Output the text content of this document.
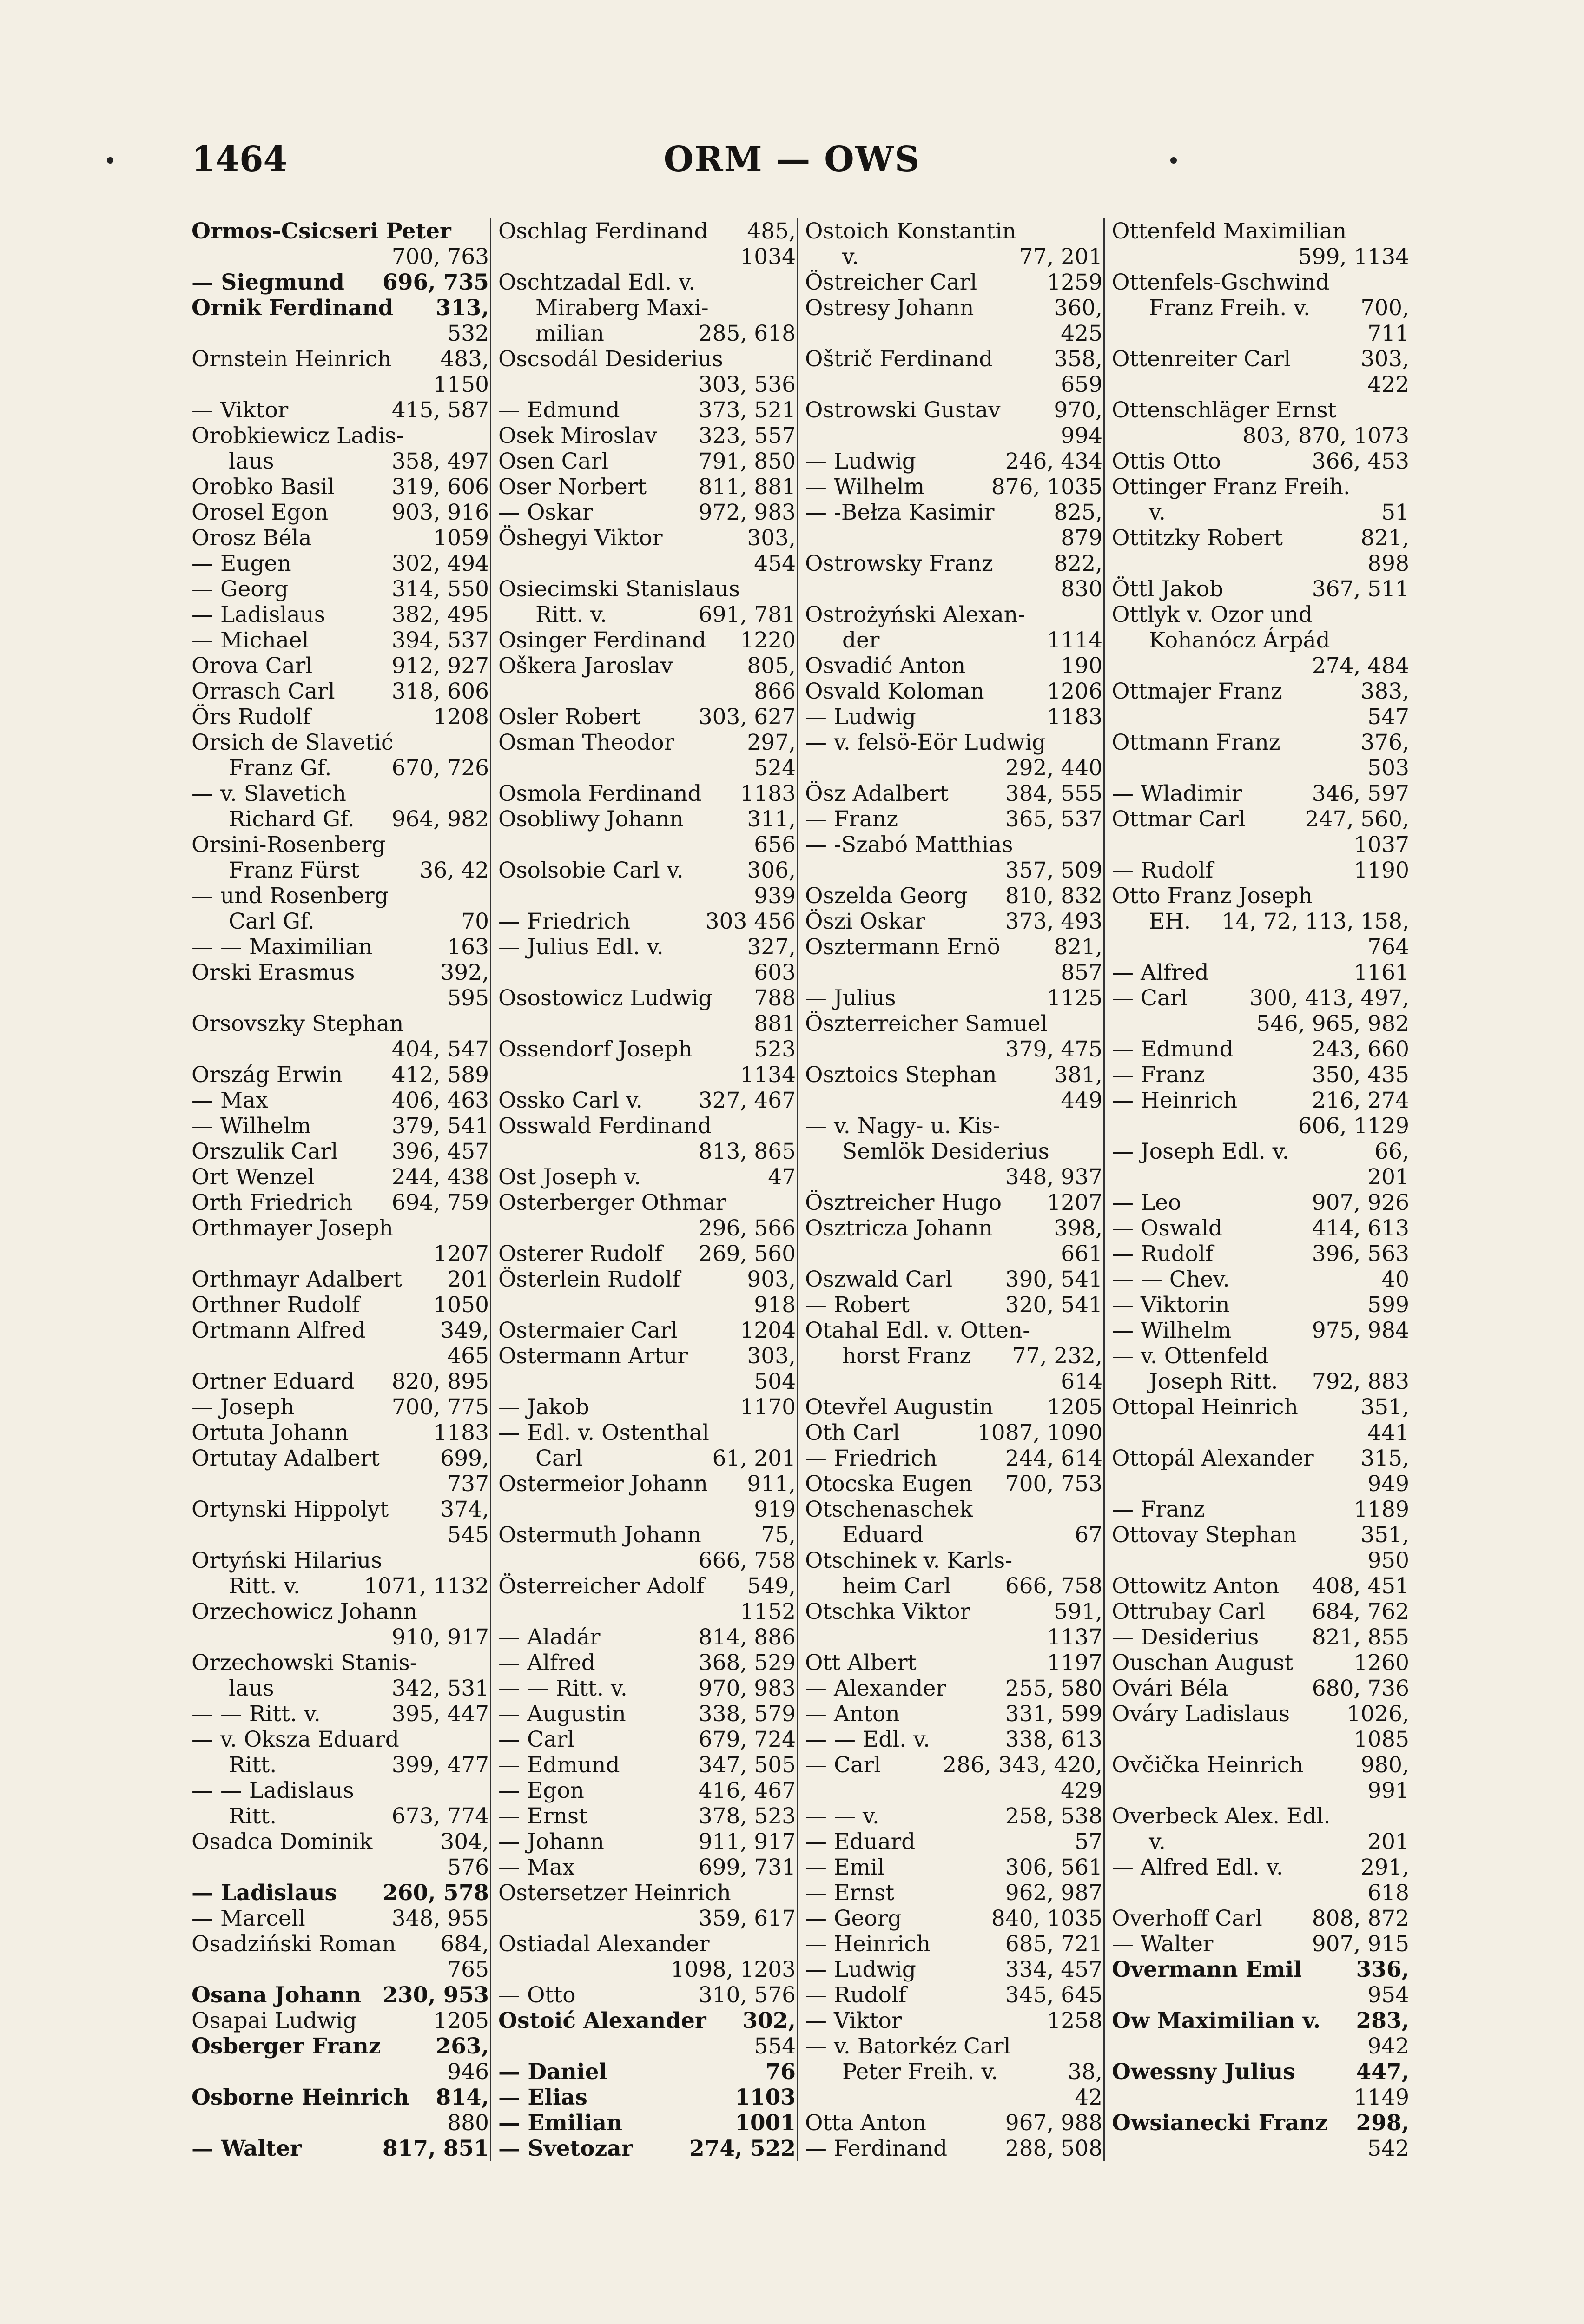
ORM — OWS
1464
Ormos-Csicseri Peter
700, 763
— Siegmund 696, 735
Ornik Ferdinand 313,
532
Ornstein Heinrich 483,
1150
— Viktor	415, 587
Orobkiewicz Ladis-
laus	358, 497
Orobko Basil	319, 606
Orosel Egon	903, 916
Orosz Béla	1059
— Eugen	302, 494
— Georg	314, 550
— Ladislaus	382, 495
— Michael	394, 537
Orova Carl	912, 927
Orrasch Carl	318, 606
Örs Rudolf	1208
Orsich de Slavetić
Franz Gf.	670, 726
— v. Slavetich
Richard Gf. 964, 982
Orsini-Rosenberg
Franz Fürst	36, 42
— und Rosenberg
Carl Gf.	70
— — Maximilian	163
Orski Erasmus	392,
595
Orsovszky Stephan
404, 547
Ország Erwin 412, 589
— Max	406, 463
— Wilhelm	379, 541
Orszulik Carl 396, 457
Ort Wenzel	244, 438
Orth Friedrich 694, 759
Orthmayer Joseph
1207
Orthmayr Adalbert 201
Orthner Rudolf	1050
Ortmann Alfred	349,
465
Ortner Eduard 820, 895
— Joseph	700, 775
Ortuta Johann	1183
Ortutay Adalbert	699,
737
Ortynski Hippolyt 374,
545
Ortyński Hilarius
Ritt. v.	1071, 1132
Orzechowicz Johann
910, 917
Orzechowski Stanis-
laus	342, 531
— — Ritt. v.	395, 447
— v. Oksza Eduard
Ritt.	399, 477
— — Ladislaus
Ritt.	673, 774
Osadca Dominik	304,
576
— Ladislaus 260, 578
— Marcell	348, 955
Osadziński Roman 684,
765
Osana Johann 230, 953
Osapai Ludwig	1205
Osberger Franz	263,
946
Osborne Heinrich 814,
880
— Walter	817, 851
Oschlag Ferdinand 485,
1034
Oschtzadal Edl. v.
Miraberg Maxi-
milian	285, 618
Oscsodál Desiderius
303, 536
— Edmund	373, 521
Osek Miroslav 323, 557
Osen Carl	791, 850
Oser Norbert 811, 881
— Oskar	972, 983
Öshegyi Viktor	303,
454
Osiecimski Stanislaus
Ritt. v.	691, 781
Osinger Ferdinand 1220
Oškera Jaroslav	805,
866
Osler Robert	303, 627
Osman Theodor	297,
524
Osmola Ferdinand 1183
Osobliwy Johann	311,
656
Osolsobie Carl v.	306,
939
— Friedrich	303 456
— Julius Edl. v.	327,
603
Osostowicz Ludwig 788
881
Ossendorf Joseph	523
1134
Ossko Carl v.	327, 467
Osswald Ferdinand
813, 865
Ost Joseph v.	47
Osterberger Othmar
296, 566
Osterer Rudolf 269, 560
Österlein Rudolf	903,
918
Ostermaier Carl	1204
Ostermann Artur	303,
504
— Jakob	1170
— Edl. v. Ostenthal
Carl	61, 201
Ostermeior Johann 911,
919
Ostermuth Johann	75,
666, 758
Österreicher Adolf 549,
1152
— Aladár	814, 886
— Alfred	368, 529
— — Ritt. v.	970, 983
— Augustin	338, 579
— Carl	679, 724
— Edmund	347, 505
— Egon	416, 467
— Ernst	378, 523
— Johann	911, 917
— Max	699, 731
Ostersetzer Heinrich
359, 617
Ostiadal Alexander
1098, 1203
— Otto	310, 576
Ostoić Alexander 302,
554
— Daniel	76
— Elias	1103
— Emilian	1001
— Svetozar	274, 522
Ostoich Konstantin
v.	77, 201
Östreicher Carl	1259
Ostresy Johann	360,
425
Oštrič Ferdinand	358,
659
Ostrowski Gustav 970,
994
— Ludwig	246, 434
— Wilhelm	876, 1035
— -Bełza Kasimir	825,
879
Ostrowsky Franz	822,
830
Ostrożyński Alexan-
der	1114
Osvadić Anton	190
Osvald Koloman	1206
— Ludwig	1183
— v. felsö-Eör Ludwig
292, 440
Ösz Adalbert	384, 555
— Franz	365, 537
— -Szabó Matthias
357, 509
Oszelda Georg 810, 832
Öszi Oskar	373, 493
Osztermann Ernö 821,
857
— Julius	1125
Öszterreicher Samuel
379, 475
Osztoics Stephan	381,
449
— v. Nagy- u. Kis-
Semlök Desiderius
348, 937
Ösztreicher Hugo 1207
Osztricza Johann	398,
661
Oszwald Carl 390, 541
— Robert	320, 541
Otahal Edl. v. Otten-
horst Franz 77, 232,
614
Otevřel Augustin 1205
Oth Carl	1087, 1090
— Friedrich	244, 614
Otocska Eugen 700, 753
Otschenaschek
Eduard	67
Otschinek v. Karls-
heim Carl 666, 758
Otschka Viktor	591,
1137
Ott Albert	1197
— Alexander	255, 580
— Anton	331, 599
— — Edl. v.	338, 613
— Carl	286, 343, 420,
429
— — v.	258, 538
— Eduard	57
— Emil	306, 561
— Ernst	962, 987
— Georg	840, 1035
— Heinrich	685, 721
— Ludwig	334, 457
— Rudolf	345, 645
— Viktor	1258
— v. Batorkéz Carl
Peter Freih. v.	38,
42
Otta Anton	967, 988
— Ferdinand	288, 508
Ottenfeld Maximilian
599, 1134
Ottenfels-Gschwind
Franz Freih. v. 700,
711
Ottenreiter Carl	303,
422
Ottenschläger Ernst
803, 870, 1073
Ottis Otto	366, 453
Ottinger Franz Freih.
v.	51
Ottitzky Robert	821,
898
Öttl Jakob	367, 511
Ottlyk v. Ozor und
Kohanócz Árpád
274, 484
Ottmajer Franz	383,
547
Ottmann Franz	376,
503
— Wladimir	346, 597
Ottmar Carl	247, 560,
1037
— Rudolf	1190
Otto Franz Joseph
EH. 14, 72, 113, 158,
764
— Alfred	1161
— Carl	300, 413, 497,
546, 965, 982
— Edmund	243, 660
— Franz	350, 435
— Heinrich	216, 274
606, 1129
— Joseph Edl. v.	66,
201
— Leo	907, 926
— Oswald	414, 613
— Rudolf	396, 563
— — Chev.	40
— Viktorin	599
— Wilhelm	975, 984
— v. Ottenfeld
Joseph Ritt. 792, 883
Ottopal Heinrich	351,
441
Ottopál Alexander 315,
949
— Franz	1189
Ottovay Stephan	351,
950
Ottowitz Anton 408, 451
Ottrubay Carl 684, 762
— Desiderius 821, 855
Ouschan August	1260
Ovári Béla	680, 736
Ováry Ladislaus	1026,
1085
Ovčička Heinrich	980,
991
Overbeck Alex. Edl.
v.	201
— Alfred Edl. v.	291,
618
Overhoff Carl 808, 872
— Walter	907, 915
Overmann Emil 336,
954
Ow Maximilian v. 283,
942
Owessny Julius	447,
1149
Owsianecki Franz 298,
542
